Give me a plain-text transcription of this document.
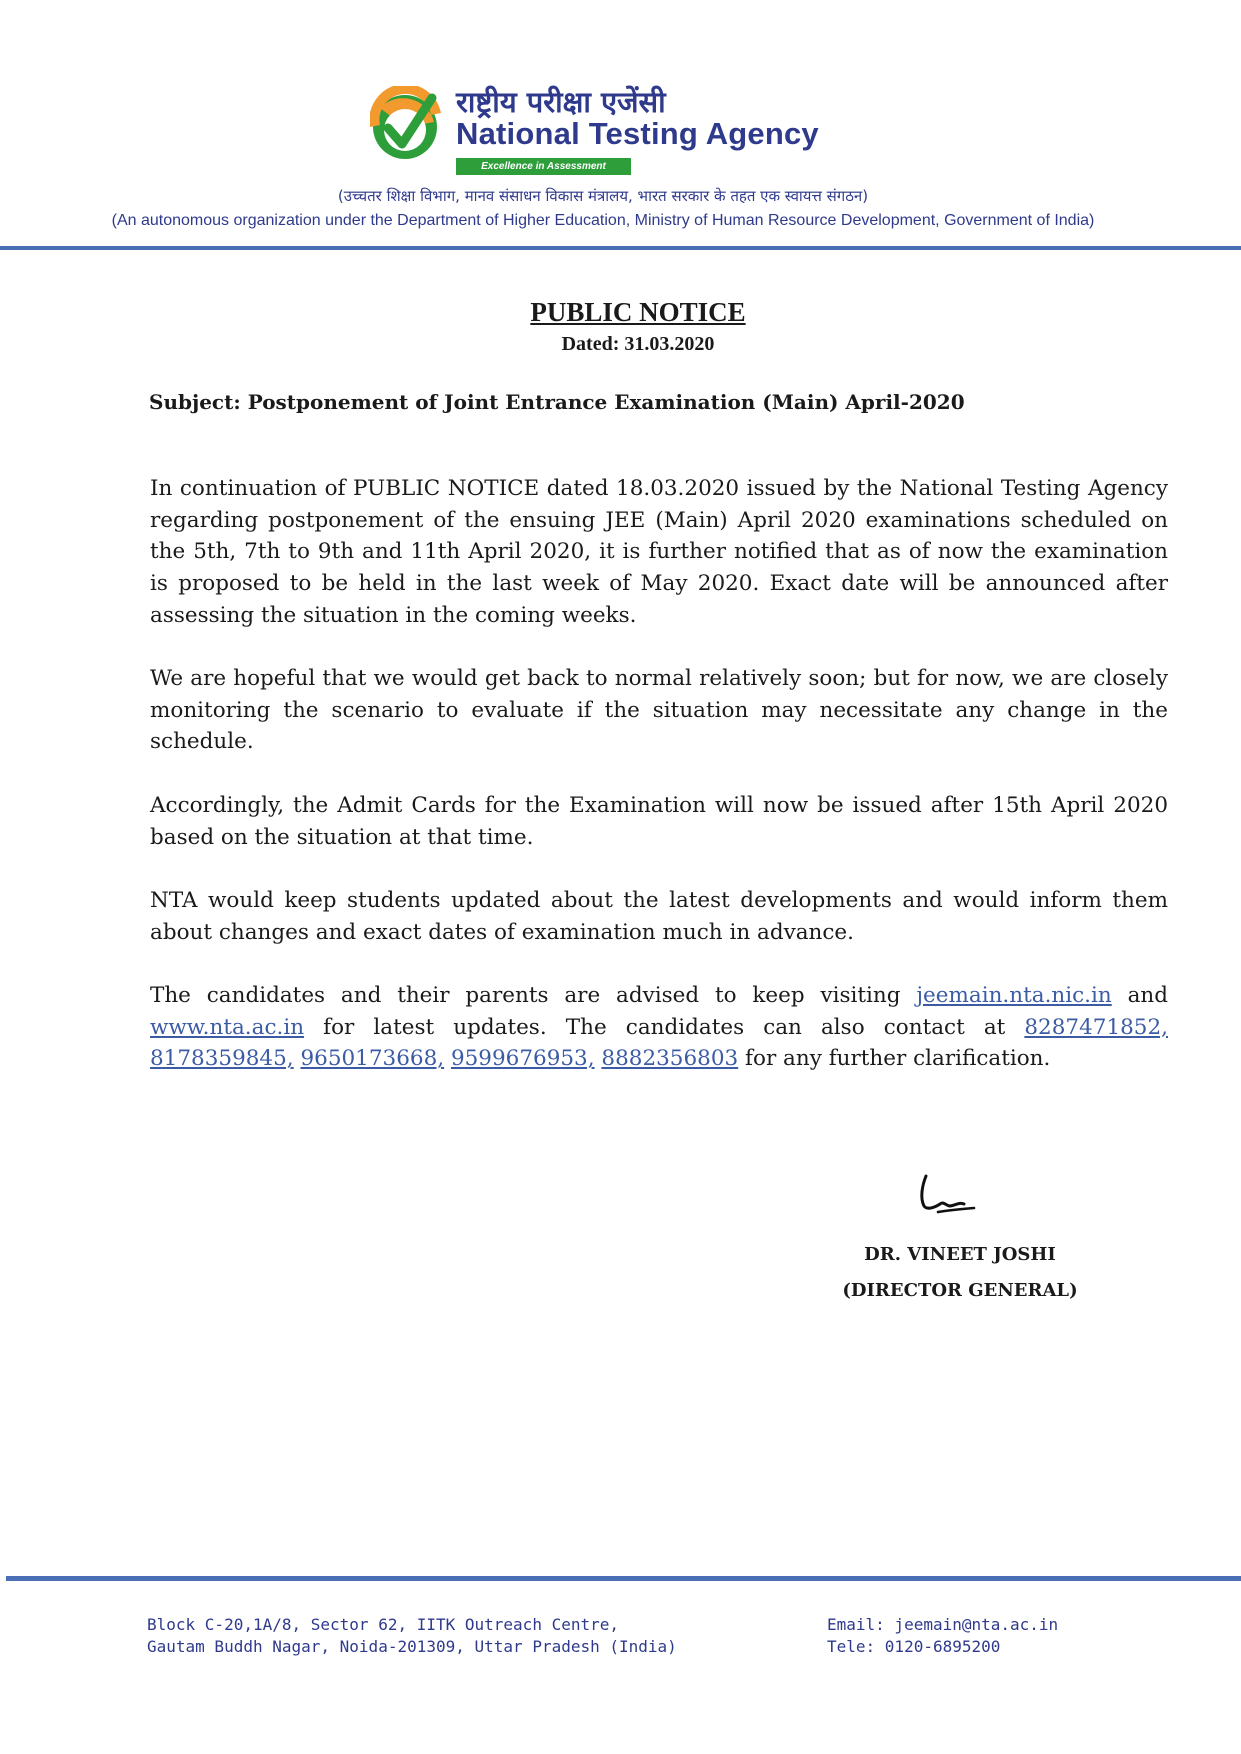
राष्ट्रीय परीक्षा एजेंसी
National Testing Agency
Excellence in Assessment
(उच्चतर शिक्षा विभाग, मानव संसाधन विकास मंत्रालय, भारत सरकार के तहत एक स्वायत्त संगठन)
(An autonomous organization under the Department of Higher Education, Ministry of Human Resource Development, Government of India)
PUBLIC NOTICE
Dated: 31.03.2020
Subject: Postponement of Joint Entrance Examination (Main) April-2020

In continuation of PUBLIC NOTICE dated 18.03.2020 issued by the National Testing Agency regarding postponement of the ensuing JEE (Main) April 2020 examinations scheduled on the 5th, 7th to 9th and 11th April 2020, it is further notified that as of now the examination is proposed to be held in the last week of May 2020. Exact date will be announced after assessing the situation in the coming weeks.

We are hopeful that we would get back to normal relatively soon; but for now, we are closely monitoring the scenario to evaluate if the situation may necessitate any change in the schedule.

Accordingly, the Admit Cards for the Examination will now be issued after 15th April 2020 based on the situation at that time.

NTA would keep students updated about the latest developments and would inform them about changes and exact dates of examination much in advance.

The candidates and their parents are advised to keep visiting jeemain.nta.nic.in and www.nta.ac.in for latest updates. The candidates can also contact at 8287471852, 8178359845, 9650173668, 9599676953, 8882356803 for any further clarification.

DR. VINEET JOSHI
(DIRECTOR GENERAL)
Block C-20,1A/8, Sector 62, IITK Outreach Centre,
Gautam Buddh Nagar, Noida-201309, Uttar Pradesh (India)
Email: jeemain@nta.ac.in
Tele: 0120-6895200
